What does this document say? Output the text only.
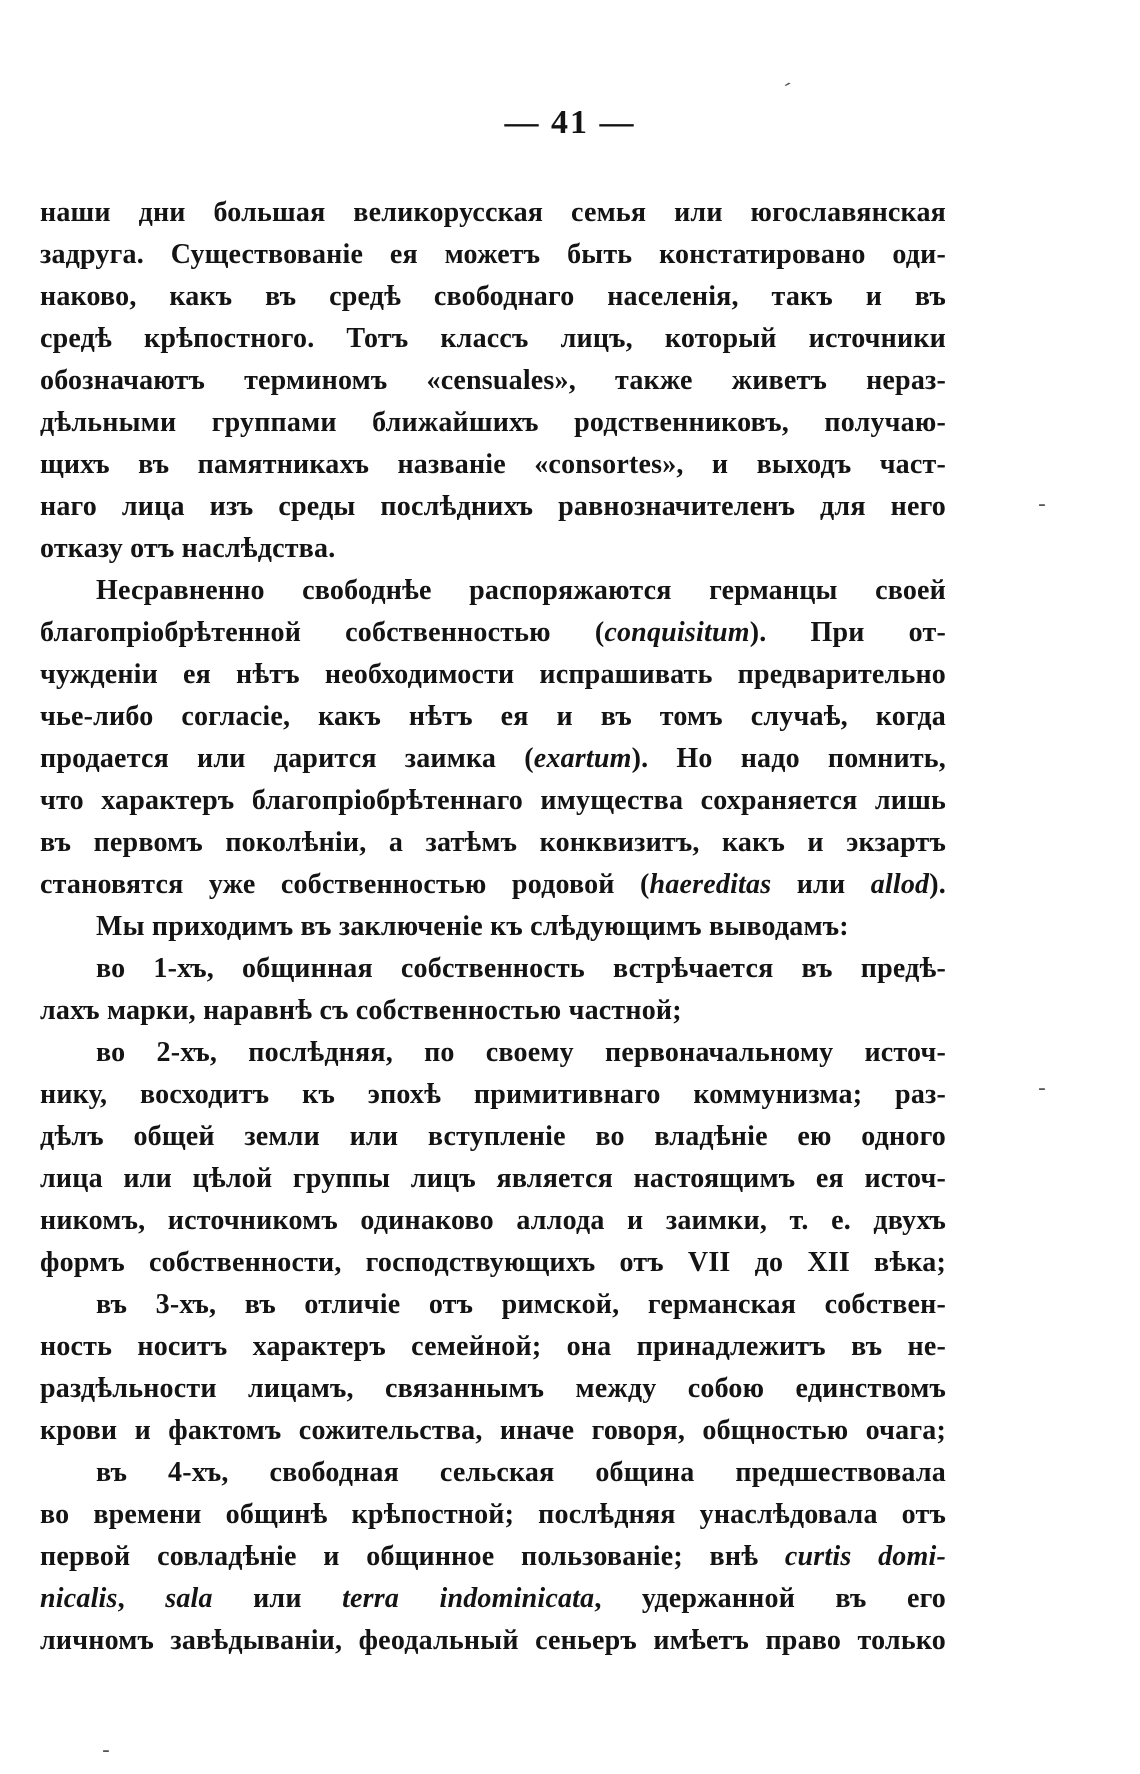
ˊ
-
-
-
— 41 —
наши дни большая великорусская семья или югославянская
задруга. Существованіе ея можетъ быть констатировано оди-
наково, какъ въ средѣ свободнаго населенія, такъ и въ
средѣ крѣпостного. Тотъ классъ лицъ, который источники
обозначаютъ терминомъ «censuales», также живетъ нераз-
дѣльными группами ближайшихъ родственниковъ, получаю-
щихъ въ памятникахъ названіе «consortes», и выходъ част-
наго лица изъ среды послѣднихъ равнозначителенъ для него
отказу отъ наслѣдства.
Несравненно свободнѣе распоряжаются германцы своей
благопріобрѣтенной собственностью (conquisitum). При от-
чужденіи ея нѣтъ необходимости испрашивать предварительно
чье-либо согласіе, какъ нѣтъ ея и въ томъ случаѣ, когда
продается или дарится заимка (exartum). Но надо помнить,
что характеръ благопріобрѣтеннаго имущества сохраняется лишь
въ первомъ поколѣніи, а затѣмъ конквизитъ, какъ и экзартъ
становятся уже собственностью родовой (haereditas или allod).
Мы приходимъ въ заключеніе къ слѣдующимъ выводамъ:
во 1-хъ, общинная собственность встрѣчается въ предѣ-
лахъ марки, наравнѣ съ собственностью частной;
во 2-хъ, послѣдняя, по своему первоначальному источ-
нику, восходитъ къ эпохѣ примитивнаго коммунизма; раз-
дѣлъ общей земли или вступленіе во владѣніе ею одного
лица или цѣлой группы лицъ является настоящимъ ея источ-
никомъ, источникомъ одинаково аллода и заимки, т. е. двухъ
формъ собственности, господствующихъ отъ VII до XII вѣка;
въ 3-хъ, въ отличіе отъ римской, германская собствен-
ность носитъ характеръ семейной; она принадлежитъ въ не-
раздѣльности лицамъ, связаннымъ между собою единствомъ
крови и фактомъ сожительства, иначе говоря, общностью очага;
въ 4-хъ, свободная сельская община предшествовала
во времени общинѣ крѣпостной; послѣдняя унаслѣдовала отъ
первой совладѣніе и общинное пользованіе; внѣ curtis domi-
nicalis, sala или terra indominicata, удержанной въ его
личномъ завѣдываніи, феодальный сеньеръ имѣетъ право только
